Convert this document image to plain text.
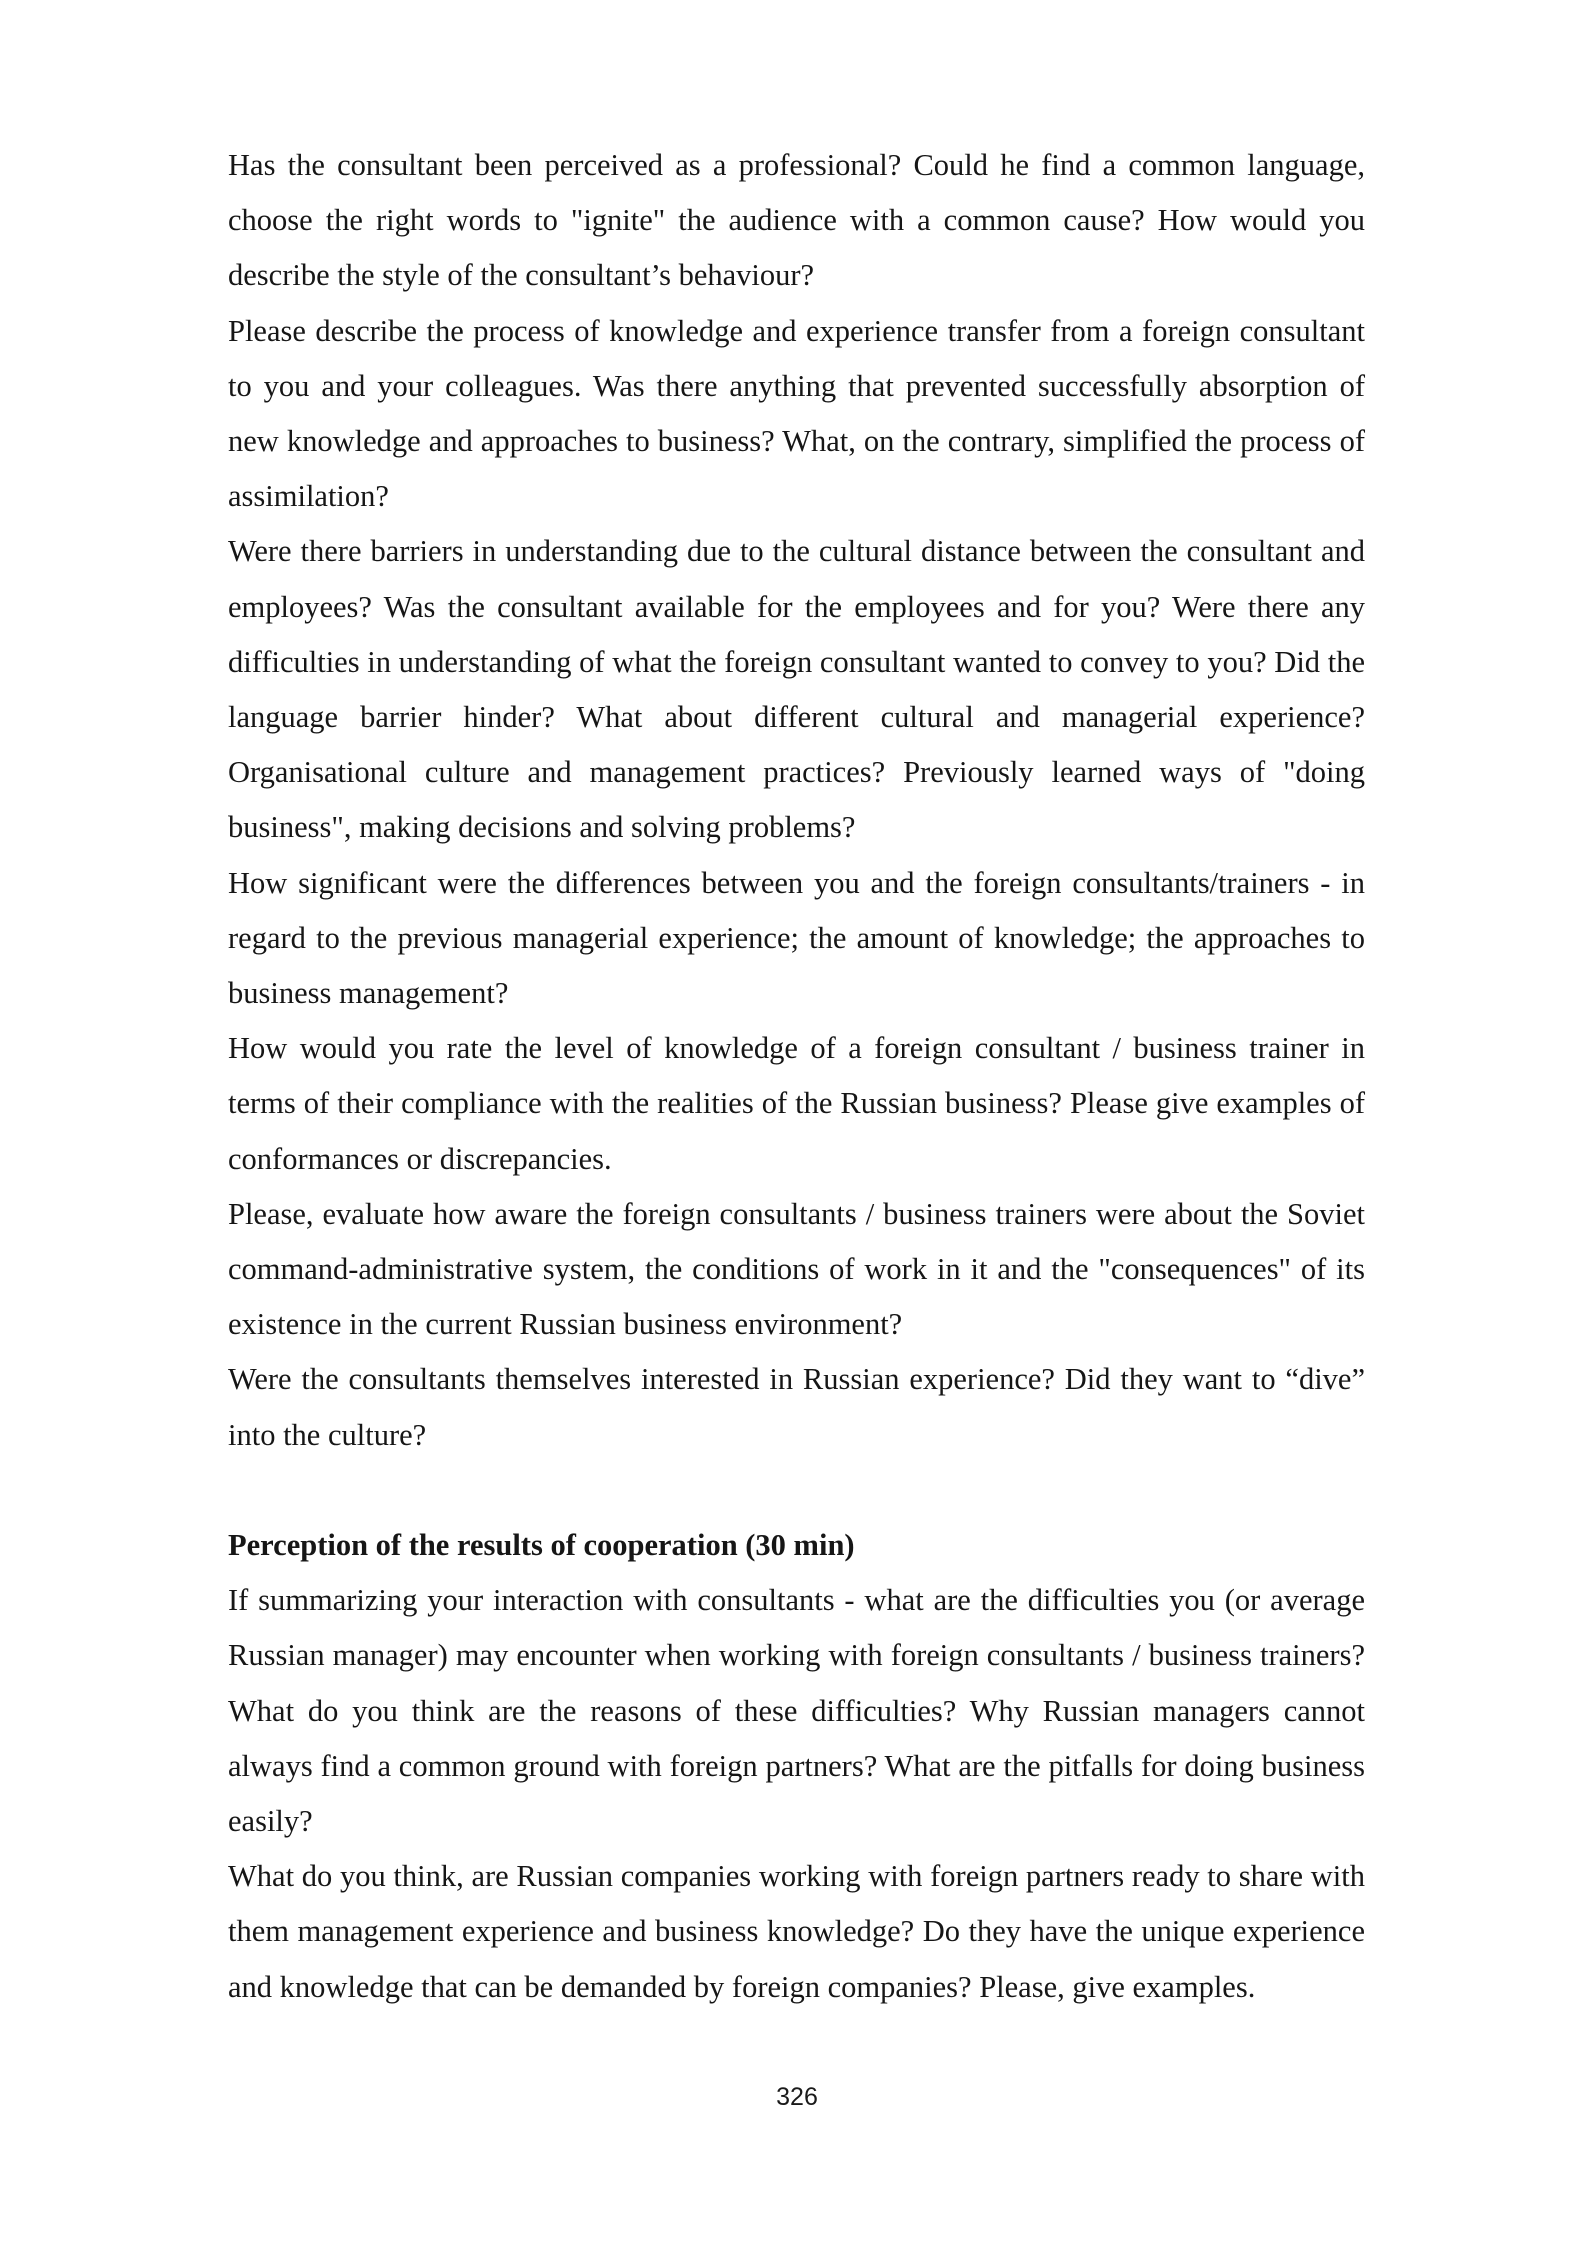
Has the consultant been perceived as a professional? Could he find a common language, choose the right words to "ignite" the audience with a common cause? How would you describe the style of the consultant’s behaviour?

Please describe the process of knowledge and experience transfer from a foreign consultant to you and your colleagues. Was there anything that prevented successfully absorption of new knowledge and approaches to business? What, on the contrary, simplified the process of assimilation?

Were there barriers in understanding due to the cultural distance between the consultant and employees? Was the consultant available for the employees and for you? Were there any difficulties in understanding of what the foreign consultant wanted to convey to you? Did the language barrier hinder? What about different cultural and managerial experience? Organisational culture and management practices? Previously learned ways of "doing business", making decisions and solving problems?

How significant were the differences between you and the foreign consultants/trainers - in regard to the previous managerial experience; the amount of knowledge; the approaches to business management?

How would you rate the level of knowledge of a foreign consultant / business trainer in terms of their compliance with the realities of the Russian business? Please give examples of conformances or discrepancies.

Please, evaluate how aware the foreign consultants / business trainers were about the Soviet command-administrative system, the conditions of work in it and the "consequences" of its existence in the current Russian business environment?

Were the consultants themselves interested in Russian experience? Did they want to “dive” into the culture?

Perception of the results of cooperation (30 min)

If summarizing your interaction with consultants - what are the difficulties you (or average Russian manager) may encounter when working with foreign consultants / business trainers? What do you think are the reasons of these difficulties? Why Russian managers cannot always find a common ground with foreign partners? What are the pitfalls for doing business easily?

What do you think, are Russian companies working with foreign partners ready to share with them management experience and business knowledge? Do they have the unique experience and knowledge that can be demanded by foreign companies? Please, give examples.

326
